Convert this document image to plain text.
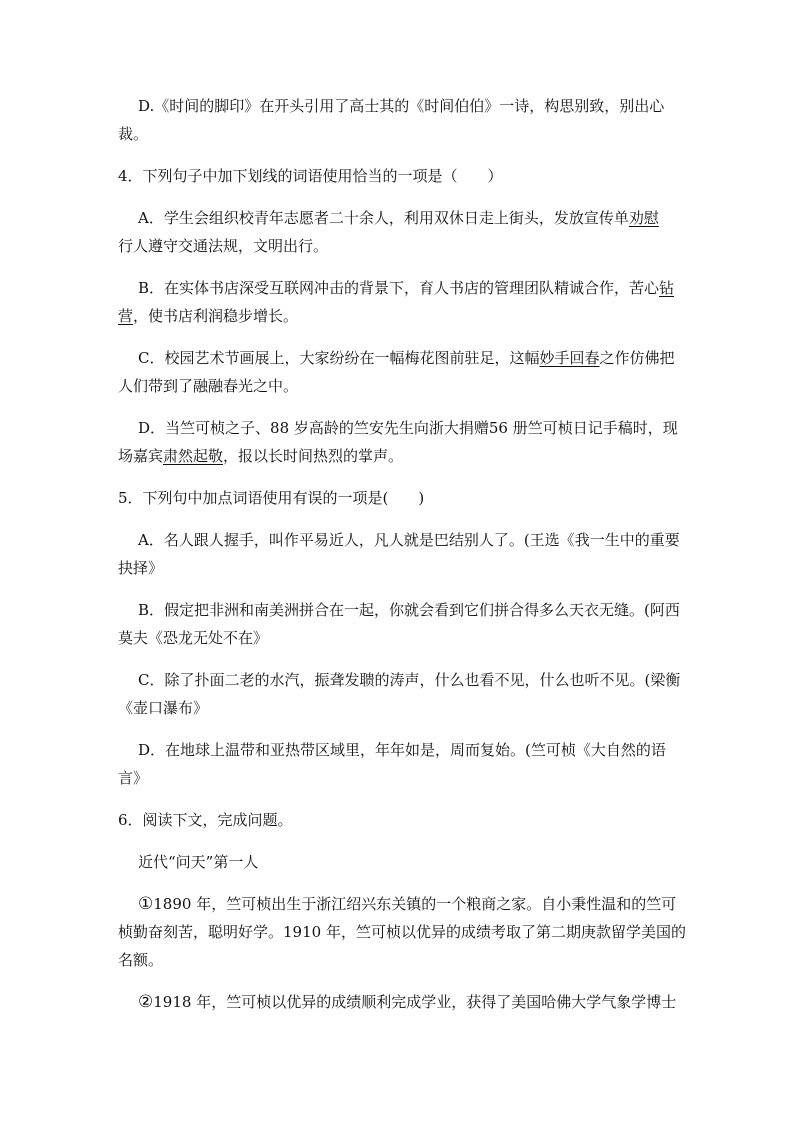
D.《时间的脚印》在开头引用了高士其的《时间伯伯》一诗，构思别致，别出心
裁。
4．下列句子中加下划线的词语使用恰当的一项是（　　）
A．学生会组织校青年志愿者二十余人，利用双休日走上街头，发放宣传单劝慰
行人遵守交通法规，文明出行。
B．在实体书店深受互联网冲击的背景下，育人书店的管理团队精诚合作，苦心钻
营，使书店利润稳步增长。
C．校园艺术节画展上，大家纷纷在一幅梅花图前驻足，这幅妙手回春之作仿佛把
人们带到了融融春光之中。
D．当竺可桢之子、88 岁高龄的竺安先生向浙大捐赠56 册竺可桢日记手稿时，现
场嘉宾肃然起敬，报以长时间热烈的掌声。
5．下列句中加点词语使用有误的一项是(　　)
A．名人跟人握手，叫作平易近人，凡人就是巴结别人了。(王选《我一生中的重要
抉择》
B．假定把非洲和南美洲拼合在一起，你就会看到它们拼合得多么天衣无缝。(阿西
莫夫《恐龙无处不在》
C．除了扑面二老的水汽，振聋发聩的涛声，什么也看不见，什么也听不见。(梁衡
《壶口瀑布》
D．在地球上温带和亚热带区域里，年年如是，周而复始。(竺可桢《大自然的语
言》
6．阅读下文，完成问题。
近代“问天”第一人
①1890 年，竺可桢出生于浙江绍兴东关镇的一个粮商之家。自小秉性温和的竺可
桢勤奋刻苦，聪明好学。1910 年，竺可桢以优异的成绩考取了第二期庚款留学美国的
名额。
②1918 年，竺可桢以优异的成绩顺利完成学业，获得了美国哈佛大学气象学博士
